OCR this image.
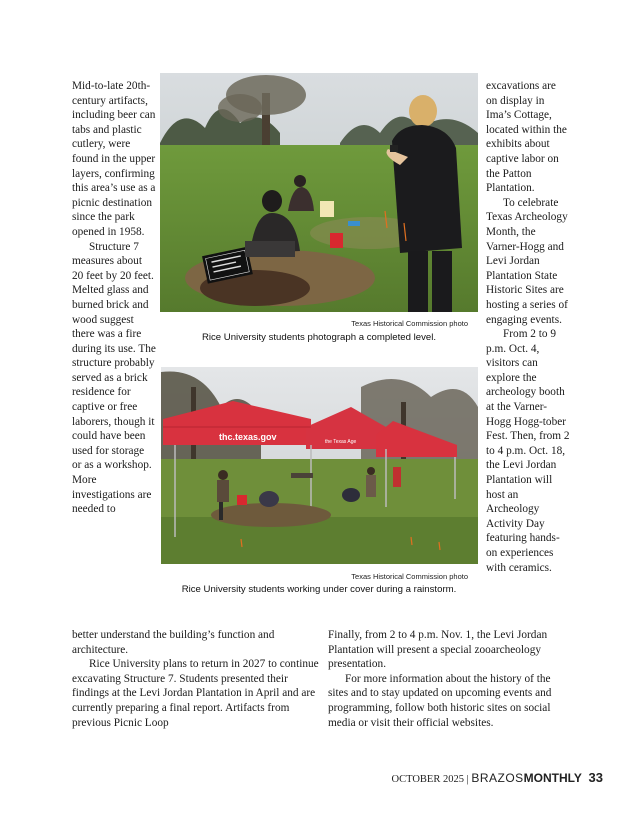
Mid-to-late 20th-century artifacts, including beer can tabs and plastic cutlery, were found in the upper layers, confirming this area’s use as a picnic destination since the park opened in 1958.

Structure 7 measures about 20 feet by 20 feet. Melted glass and burned brick and wood suggest there was a fire during its use. The structure probably served as a brick residence for captive or free laborers, though it could have been used for storage or as a workshop. More investigations are needed to

Texas Historical Commission photo
Rice University students photograph a completed level.
thc.texas.gov	the Texas Age
Texas Historical Commission photo
Rice University students working under cover during a rainstorm.

excavations are on display in Ima’s Cottage, located within the exhibits about captive labor on the Patton Plantation.

To celebrate Texas Archeology Month, the Varner-Hogg and Levi Jordan Plantation State Historic Sites are hosting a series of engaging events.

From 2 to 9 p.m. Oct. 4, visitors can explore the archeology booth at the Varner-Hogg Hogg-tober Fest. Then, from 2 to 4 p.m. Oct. 18, the Levi Jordan Plantation will host an Archeology Activity Day featuring hands-on experiences with ceramics.

better understand the building’s function and architecture.

Rice University plans to return in 2027 to continue excavating Structure 7. Students presented their findings at the Levi Jordan Plantation in April and are currently preparing a final report. Artifacts from previous Picnic Loop

Finally, from 2 to 4 p.m. Nov. 1, the Levi Jordan Plantation will present a special zooarcheology presentation.

For more information about the history of the sites and to stay updated on upcoming events and programming, follow both historic sites on social media or visit their official websites.

OCTOBER 2025 | BRAZOSMONTHLY 33
